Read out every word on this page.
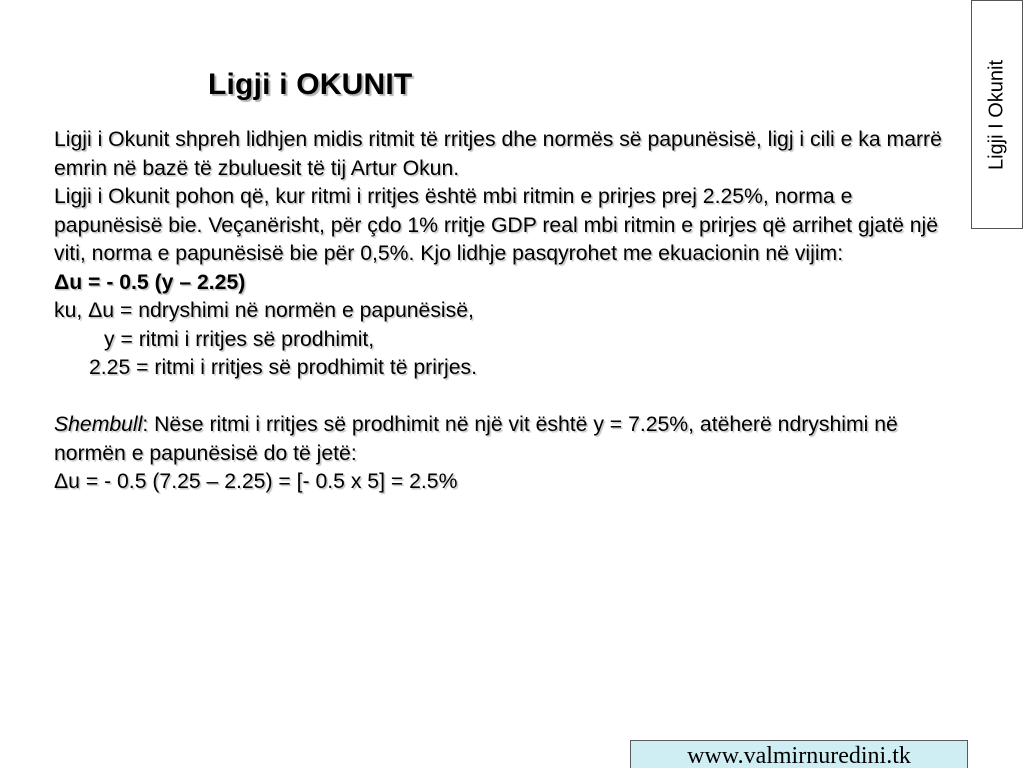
Ligji i OKUNIT	Ligji I Okunit

Ligji i Okunit shpreh lidhjen midis ritmit të rritjes dhe normës së papunësisë, ligj i cili e ka marrë emrin në bazë të zbuluesit të tij Artur Okun.

Ligji i Okunit pohon që, kur ritmi i rritjes është mbi ritmin e prirjes prej 2.25%, norma e papunësisë bie. Veçanërisht, për çdo 1% rritje GDP real mbi ritmin e prirjes që arrihet gjatë një viti, norma e papunësisë bie për 0,5%. Kjo lidhje pasqyrohet me ekuacionin në vijim:

Δu = - 0.5 (y – 2.25)

ku, Δu = ndryshimi në normën e papunësisë,

y = ritmi i rritjes së prodhimit,

2.25 = ritmi i rritjes së prodhimit të prirjes.

Shembull: Nëse ritmi i rritjes së prodhimit në një vit është y = 7.25%, atëherë ndryshimi në normën e papunësisë do të jetë:

Δu = - 0.5 (7.25 – 2.25) = [- 0.5 x 5] = 2.5%

www.valmirnuredini.tk
